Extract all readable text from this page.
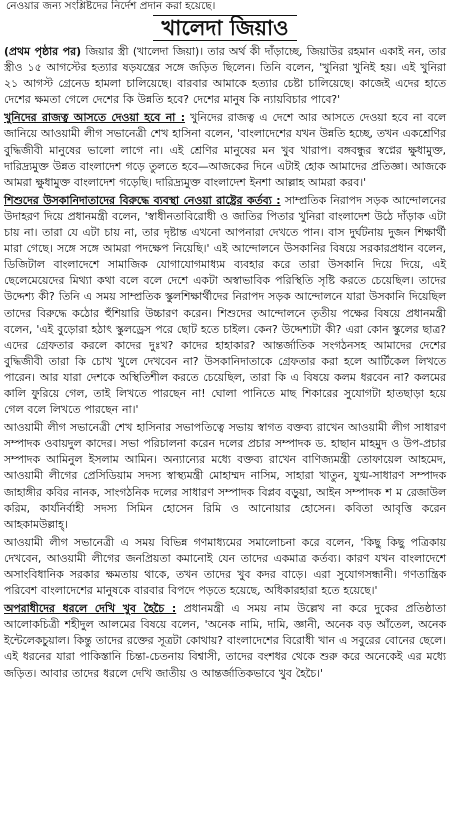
নেওয়ার জন্য সংশ্লিষ্টদের নির্দেশ প্রদান করা হয়েছে।
খালেদা জিয়াও

(প্রথম পৃষ্ঠার পর) জিয়ার স্ত্রী (খালেদা জিয়া)। তার অর্থ কী দাঁড়াচ্ছে, জিয়াউর রহমান একাই নন, তার স্ত্রীও ১৫ আগস্টের হত্যার ষড়যন্ত্রের সঙ্গে জড়িত ছিলেন। তিনি বলেন, 'খুনিরা খুনিই হয়। এই খুনিরা ২১ আগস্ট গ্রেনেড হামলা চালিয়েছে। বারবার আমাকে হত্যার চেষ্টা চালিয়েছে। কাজেই এদের হাতে দেশের ক্ষমতা গেলে দেশের কি উন্নতি হবে? দেশের মানুষ কি ন্যায়বিচার পাবে?'

খুনিদের রাজত্ব আসতে দেওয়া হবে না : খুনিদের রাজত্ব এ দেশে আর আসতে দেওয়া হবে না বলে জানিয়ে আওয়ামী লীগ সভানেত্রী শেখ হাসিনা বলেন, 'বাংলাদেশের যখন উন্নতি হচ্ছে, তখন একশ্রেণির বুদ্ধিজীবী মানুষের ভালো লাগে না। এই শ্রেণির মানুষের মন খুব খারাপ। বঙ্গবন্ধুর স্বপ্নের ক্ষুধামুক্ত, দারিদ্র্যমুক্ত উন্নত বাংলাদেশ গড়ে তুলতে হবে—আজকের দিনে এটাই হোক আমাদের প্রতিজ্ঞা। আজকে আমরা ক্ষুধামুক্ত বাংলাদেশ গড়েছি। দারিদ্র্যমুক্ত বাংলাদেশ ইনশা আল্লাহ আমরা করব।'

শিশুদের উসকানিদাতাদের বিরুদ্ধে ব্যবস্থা নেওয়া রাষ্ট্রের কর্তব্য : সাম্প্রতিক নিরাপদ সড়ক আন্দোলনের উদাহরণ দিয়ে প্রধানমন্ত্রী বলেন, 'স্বাধীনতাবিরোধী ও জাতির পিতার খুনিরা বাংলাদেশ উঠে দাঁড়াক এটা চায় না। তারা যে এটা চায় না, তার দৃষ্টান্ত এখনো আপনারা দেখতে পান। বাস দুর্ঘটনায় দুজন শিক্ষার্থী মারা গেছে। সঙ্গে সঙ্গে আমরা পদক্ষেপ নিয়েছি।' এই আন্দোলনে উসকানির বিষয়ে সরকারপ্রধান বলেন, ডিজিটাল বাংলাদেশে সামাজিক যোগাযোগমাধ্যম ব্যবহার করে তারা উসকানি দিয়ে দিয়ে, এই ছেলেমেয়েদের মিথ্যা কথা বলে বলে দেশে একটা অস্বাভাবিক পরিস্থিতি সৃষ্টি করতে চেয়েছিল। তাদের উদ্দেশ্য কী? তিনি এ সময় সাম্প্রতিক স্কুলশিক্ষার্থীদের নিরাপদ সড়ক আন্দোলনে যারা উসকানি দিয়েছিল তাদের বিরুদ্ধে কঠোর হুঁশিয়ারি উচ্চারণ করেন। শিশুদের আন্দোলনে তৃতীয় পক্ষের বিষয়ে প্রধানমন্ত্রী বলেন, 'এই বুড়োরা হঠাৎ স্কুলড্রেস পরে ছোট হতে চাইল। কেন? উদ্দেশ্যটা কী? এরা কোন স্কুলের ছাত্র? এদের গ্রেফতার করলে কাদের দুঃখ? কাদের হাহাকার? আন্তর্জাতিক সংগঠনসহ আমাদের দেশের বুদ্ধিজীবী তারা কি চোখ খুলে দেখবেন না? উসকানিদাতাকে গ্রেফতার করা হলে আর্টিকেল লিখতে পারেন। আর যারা দেশকে অস্থিতিশীল করতে চেয়েছিল, তারা কি এ বিষয়ে কলম ধরবেন না? কলমের কালি ফুরিয়ে গেল, তাই লিখতে পারছেন না! ঘোলা পানিতে মাছ শিকারের সুযোগটা হাতছাড়া হয়ে গেল বলে লিখতে পারছেন না।'

আওয়ামী লীগ সভানেত্রী শেখ হাসিনার সভাপতিত্বে সভায় স্বাগত বক্তব্য রাখেন আওয়ামী লীগ সাধারণ সম্পাদক ওবায়দুল কাদের। সভা পরিচালনা করেন দলের প্রচার সম্পাদক ড. হাছান মাহমুদ ও উপ-প্রচার সম্পাদক আমিনুল ইসলাম আমিন। অন্যান্যের মধ্যে বক্তব্য রাখেন বাণিজ্যমন্ত্রী তোফায়েল আহমেদ, আওয়ামী লীগের প্রেসিডিয়াম সদস্য স্বাস্থ্যমন্ত্রী মোহাম্মদ নাসিম, সাহারা খাতুন, যুগ্ম-সাধারণ সম্পাদক জাহাঙ্গীর কবির নানক, সাংগঠনিক দলের সাধারণ সম্পাদক বিপ্লব বড়ুয়া, আইন সম্পাদক শ ম রেজাউল করিম, কার্যনির্বাহী সদস্য সিমিন হোসেন রিমি ও আনোয়ার হোসেন। কবিতা আবৃত্তি করেন আহকামউল্লাহ্‌।

আওয়ামী লীগ সভানেত্রী এ সময় বিভিন্ন গণমাধ্যমের সমালোচনা করে বলেন, 'কিছু কিছু পত্রিকায় দেখবেন, আওয়ামী লীগের জনপ্রিয়তা কমানোই যেন তাদের একমাত্র কর্তব্য। কারণ যখন বাংলাদেশে অসাংবিধানিক সরকার ক্ষমতায় থাকে, তখন তাদের খুব কদর বাড়ে। এরা সুযোগসন্ধানী। গণতান্ত্রিক পরিবেশ বাংলাদেশের মানুষকে বারবার বিপদে পড়তে হয়েছে, অধিকারহারা হতে হয়েছে।'

অপরাধীদের ধরলে দেখি খুব হৈচৈ : প্রধানমন্ত্রী এ সময় নাম উল্লেখ না করে দুকের প্রতিষ্ঠাতা আলোকচিত্রী শহীদুল আলমের বিষয়ে বলেন, 'অনেক নামি, দামি, জ্ঞানী, অনেক বড় আঁতেল, অনেক ইন্টেলেকচুয়াল। কিন্তু তাদের রক্তের সূত্রটা কোথায়? বাংলাদেশের বিরোধী খান এ সবুরের বোনের ছেলে। এই ধরনের যারা পাকিস্তানি চিন্তা-চেতনায় বিশ্বাসী, তাদের বংশধর থেকে শুরু করে অনেকেই এর মধ্যে জড়িত। আবার তাদের ধরলে দেখি জাতীয় ও আন্তর্জাতিকভাবে খুব হৈচৈ।'
